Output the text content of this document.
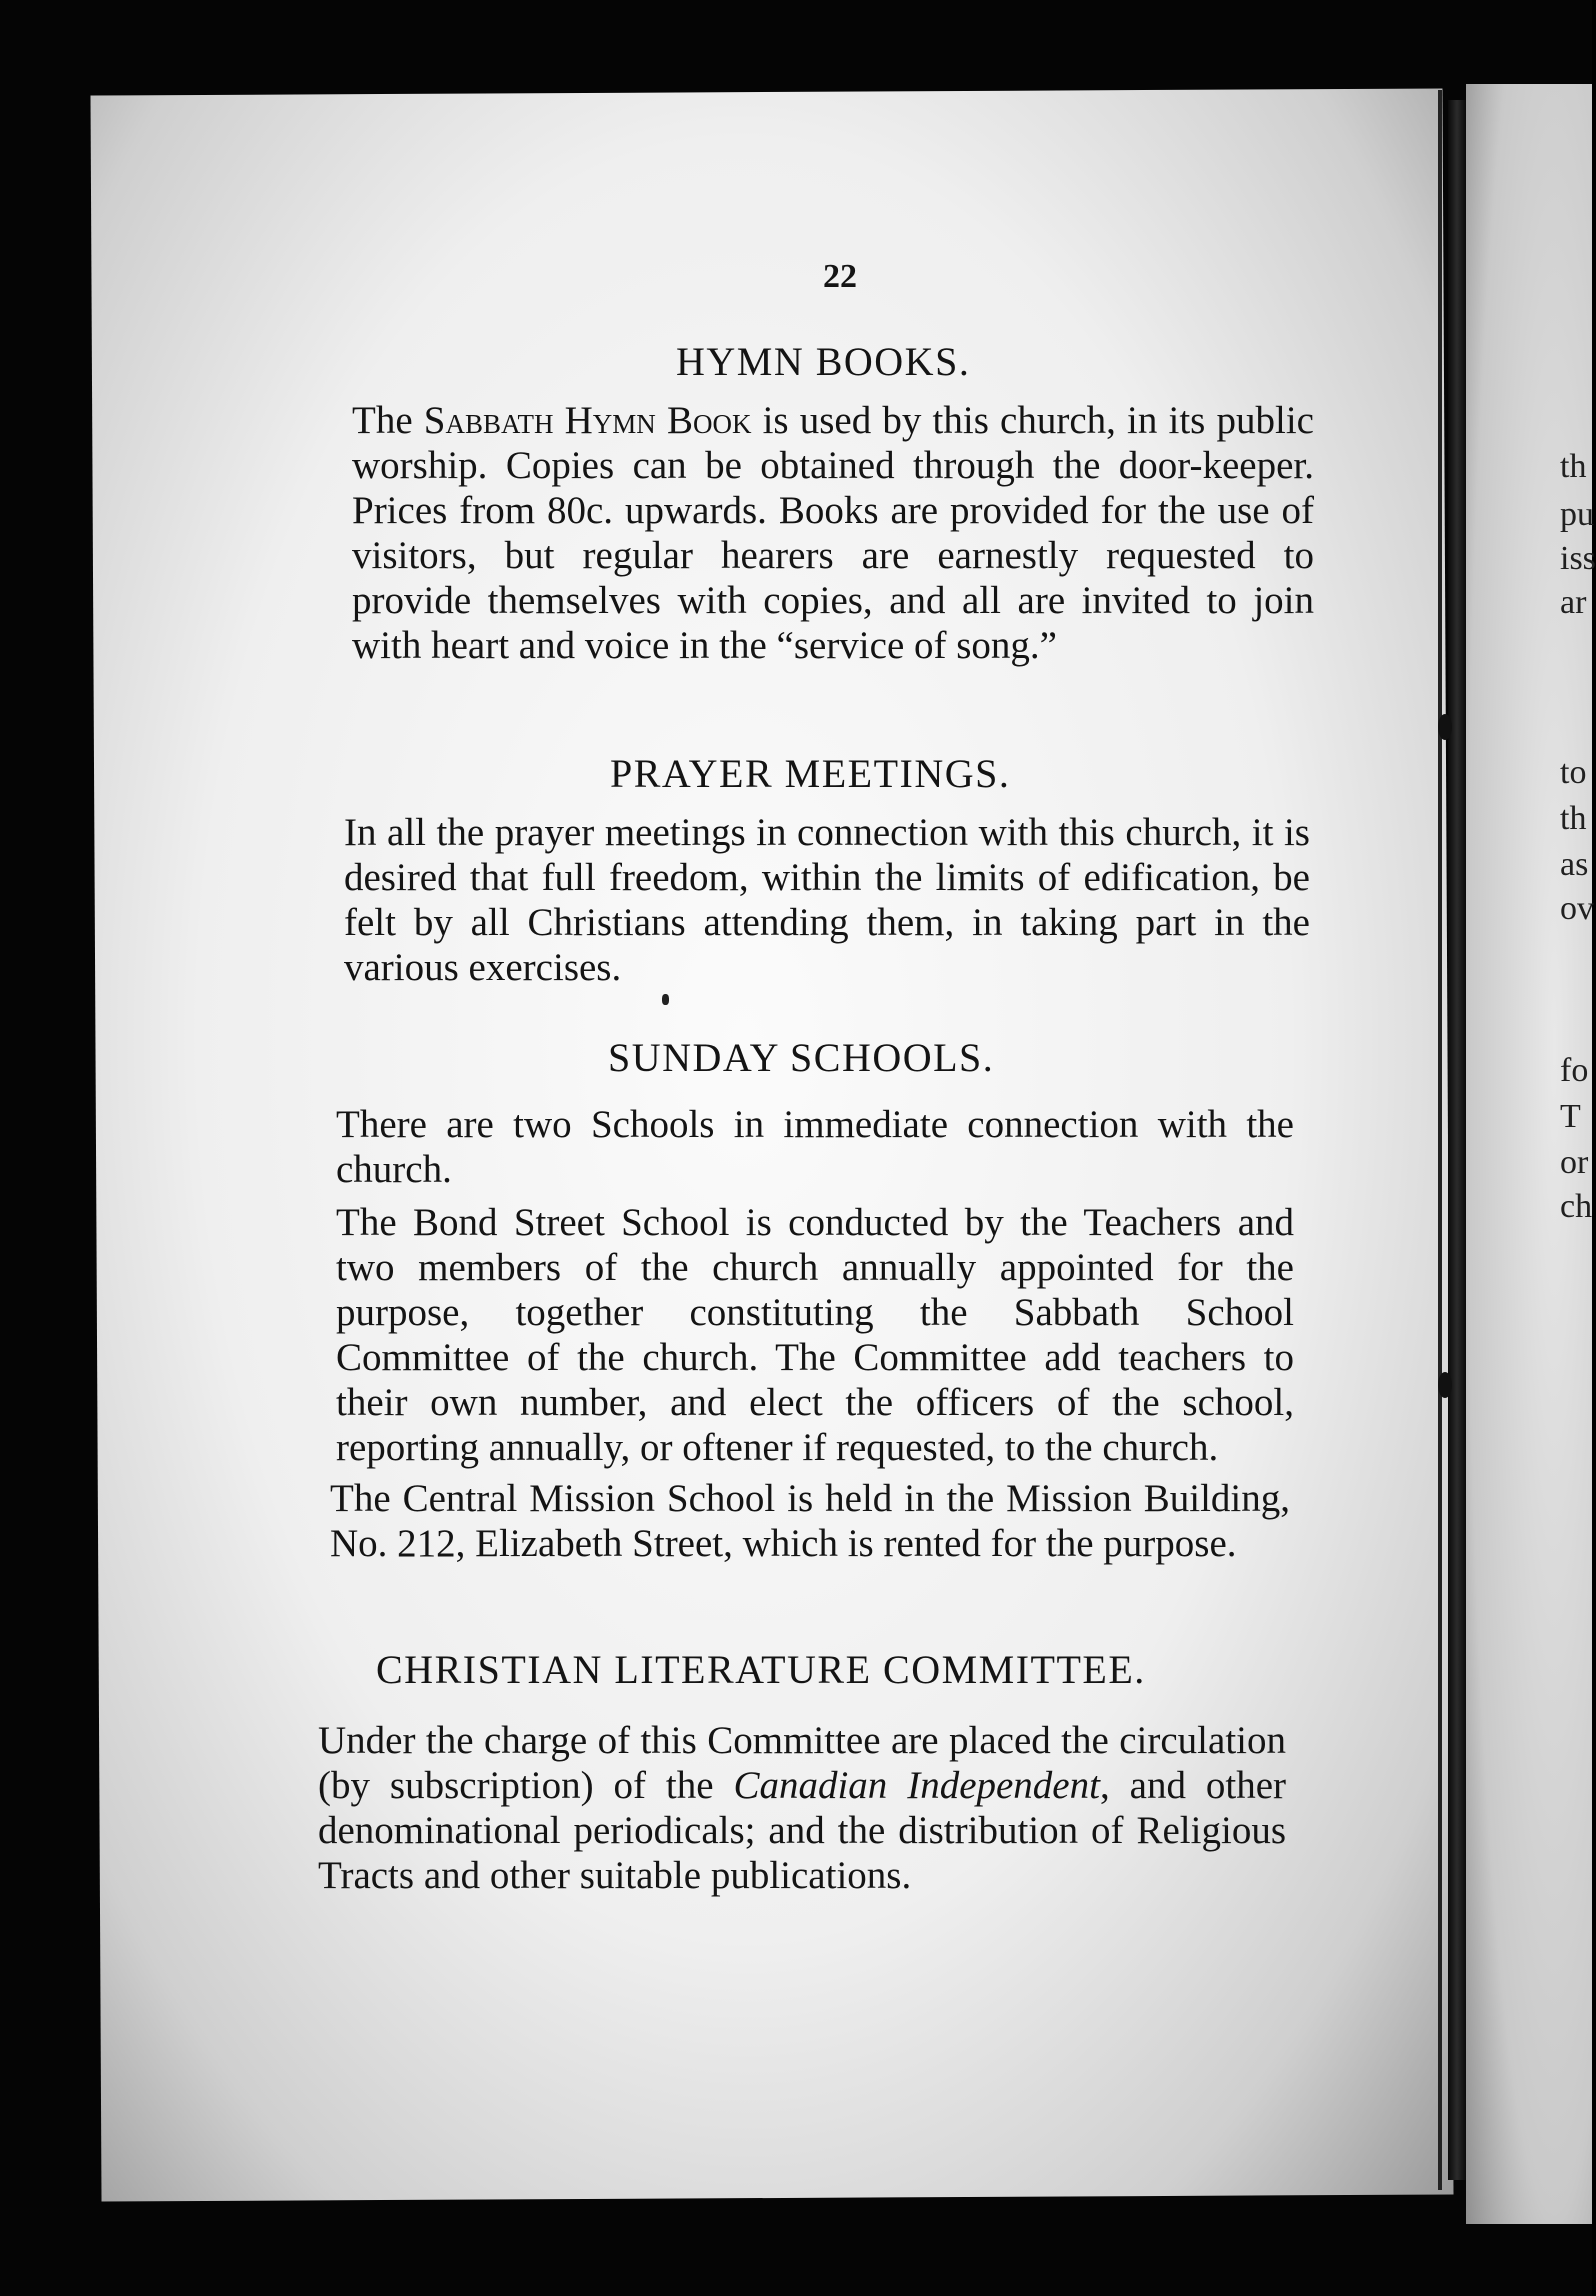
22
HYMN BOOKS.

The Sabbath Hymn Book is used by this church, in its public worship. Copies can be obtained through the door-keeper. Prices from 80c. upwards. Books are provided for the use of visitors, but regular hearers are earnestly requested to provide themselves with copies, and all are invited to join with heart and voice in the “service of song.”

PRAYER MEETINGS.

In all the prayer meetings in connection with this church, it is desired that full freedom, within the limits of edification, be felt by all Christians attending them, in taking part in the various exercises.

SUNDAY SCHOOLS.

There are two Schools in immediate connection with the church.

The Bond Street School is conducted by the Teachers and two members of the church annually appointed for the purpose, together constituting the Sabbath School Committee of the church. The Committee add teachers to their own number, and elect the officers of the school, reporting annually, or oftener if requested, to the church.

The Central Mission School is held in the Mission Building, No. 212, Elizabeth Street, which is rented for the purpose.

CHRISTIAN LITERATURE COMMITTEE.

Under the charge of this Committee are placed the circulation (by subscription) of the Canadian Independent, and other denominational periodicals; and the distribution of Religious Tracts and other suitable publications.

th
pu
iss
ar
to
th
as
ov
fo
T
or
ch
